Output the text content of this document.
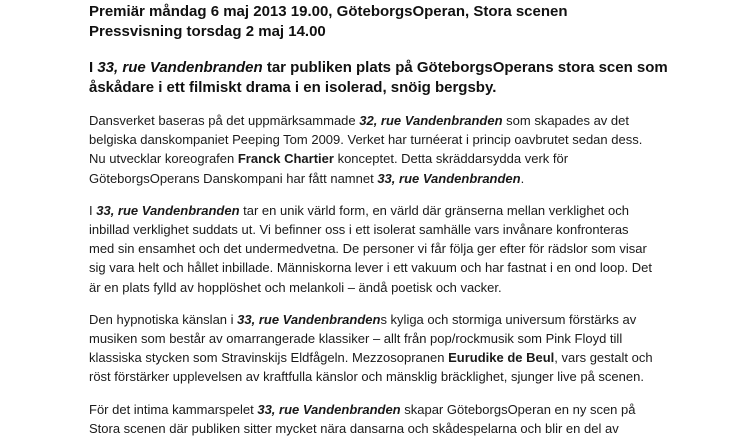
Premiär måndag 6 maj 2013 19.00, GöteborgsOperan, Stora scenen

Pressvisning torsdag 2 maj 14.00

I 33, rue Vandenbranden tar publiken plats på GöteborgsOperans stora scen som
åskådare i ett filmiskt drama i en isolerad, snöig bergsby.

Dansverket baseras på det uppmärksammade 32, rue Vandenbranden som skapades av det
belgiska danskompaniet Peeping Tom 2009. Verket har turnéerat i princip oavbrutet sedan dess.
Nu utvecklar koreografen Franck Chartier konceptet. Detta skräddarsydda verk för
GöteborgsOperans Danskompani har fått namnet 33, rue Vandenbranden.

I 33, rue Vandenbranden tar en unik värld form, en värld där gränserna mellan verklighet och
inbillad verklighet suddats ut. Vi befinner oss i ett isolerat samhälle vars invånare konfronteras
med sin ensamhet och det undermedvetna. De personer vi får följa ger efter för rädslor som visar
sig vara helt och hållet inbillade. Människorna lever i ett vakuum och har fastnat i en ond loop. Det
är en plats fylld av hopplöshet och melankoli – ändå poetisk och vacker.

Den hypnotiska känslan i 33, rue Vandenbrandens kyliga och stormiga universum förstärks av
musiken som består av omarrangerade klassiker – allt från pop/rockmusik som Pink Floyd till
klassiska stycken som Stravinskijs Eldfågeln. Mezzosopranen Eurudike de Beul, vars gestalt och
röst förstärker upplevelsen av kraftfulla känslor och mänsklig bräcklighet, sjunger live på scenen.

För det intima kammarspelet 33, rue Vandenbranden skapar GöteborgsOperan en ny scen på
Stora scenen där publiken sitter mycket nära dansarna och skådespelarna och blir en del av
